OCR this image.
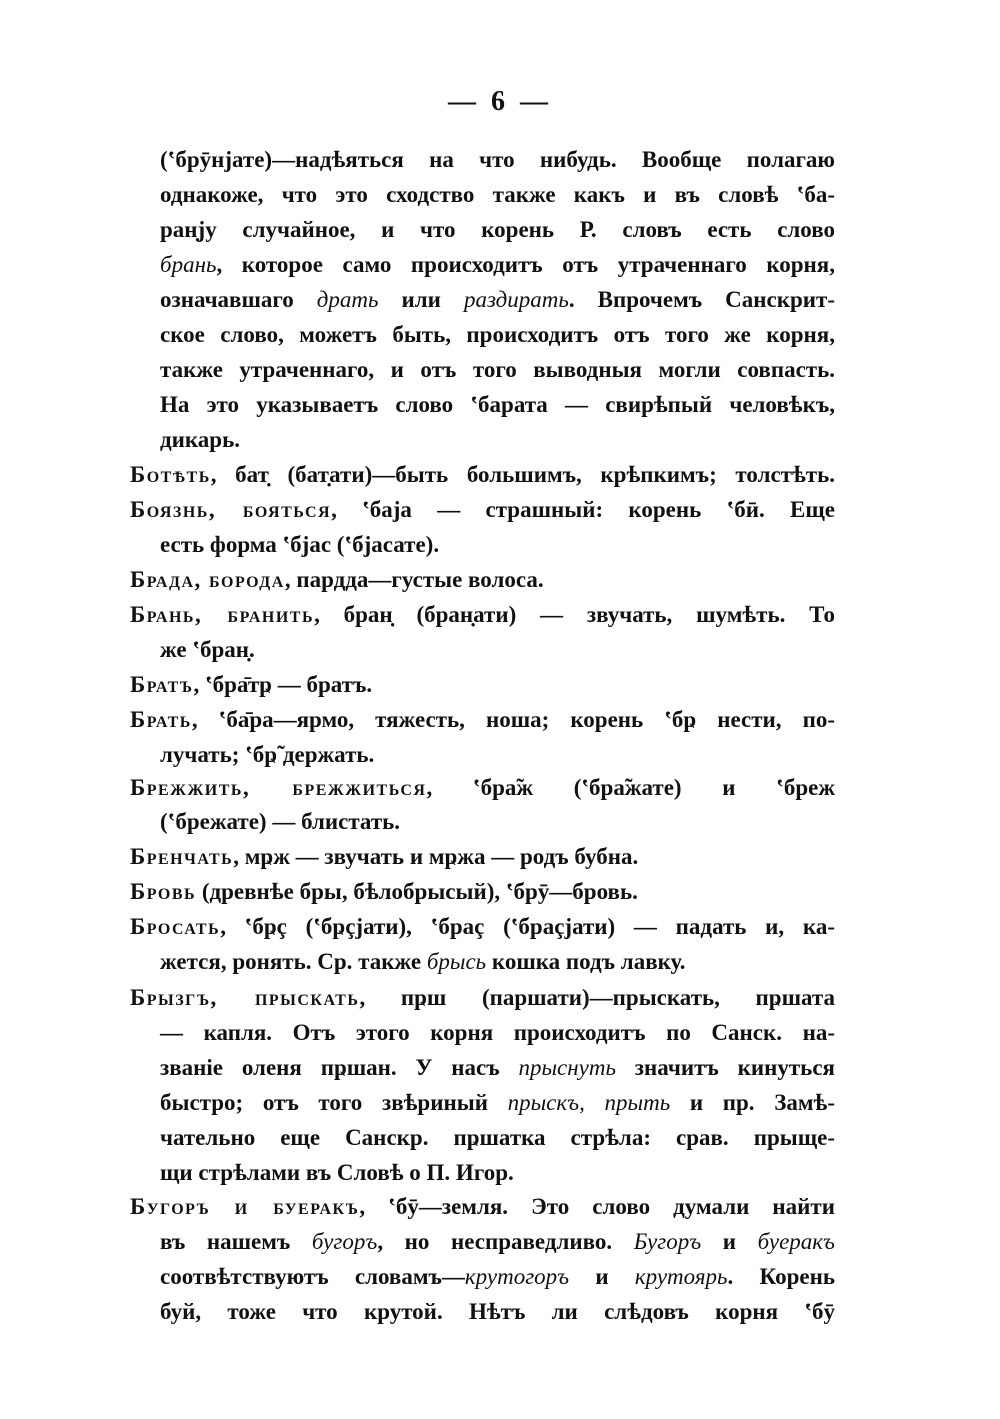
— 6 —
(ʽбрӯнјате)—надѣяться на что нибудь. Вообще полагаю
однакоже, что это сходство также какъ и въ словѣ ʽба-
ран̣ју случайное, и что корень Р. словъ есть слово
брань, которое само происходитъ отъ утраченнаго корня,
означавшаго драть или раздирать. Впрочемъ Санскрит-
ское слово, можетъ быть, происходитъ отъ того же корня,
также утраченнаго, и отъ того выводныя могли совпасть.
На это указываетъ слово ʽбарата — свирѣпый человѣкъ,
дикарь.
Ботѣть, бат̣ (бат̣ати)—быть большимъ, крѣпкимъ; толстѣть.
Боязнь, бояться, ʽбаја — страшный: корень ʽбӣ. Еще
есть форма ʽбјас (ʽбјасате).
Брада, борода, пардда—густые волоса.
Брань, бранить, бран̣ (бран̣ати) — звучать, шумѣть. То
же ʽбран̣.
Братъ, ʽбра̄тҏ — братъ.
Брать, ʽба̄ра—ярмо, тяжесть, ноша; корень ʽбҏ нести, по-
лучать; ʽбҏ̃ держать.
Брежжить, брежжиться, ʽбра̃ж (ʽбра̃жате) и ʽбреж
(ʽбрежате) — блистать.
Бренчать, мҏж — звучать и мҏжа — родъ бубна.
Бровь (древнѣе бры, бѣлобрысый), ʽбрӯ—бровь.
Бросать, ʽбҏç (ʽбҏçјати), ʽбраç (ʽбраçјати) — падать и, ка-
жется, ронять. Ср. также брысь кошка подъ лавку.
Брызгъ, прыскать, пҏш (паршати)—прыскать, пҏшата
— капля. Отъ этого корня происходитъ по Санск. на-
званіе оленя пҏшан. У насъ прыснуть значитъ кинуться
быстро; отъ того звѣриный прыскъ, прыть и пр. Замѣ-
чательно еще Санскр. пҏшатка стрѣла: срав. прыще-
щи стрѣлами въ Словѣ о П. Игор.
Бугоръ и буеракъ, ʽбӯ—земля. Это слово думали найти
въ нашемъ бугоръ, но несправедливо. Бугоръ и буеракъ
соотвѣтствуютъ словамъ—крутогоръ и крутоярь. Корень
буй, тоже что крутой. Нѣтъ ли слѣдовъ корня ʽбӯ
